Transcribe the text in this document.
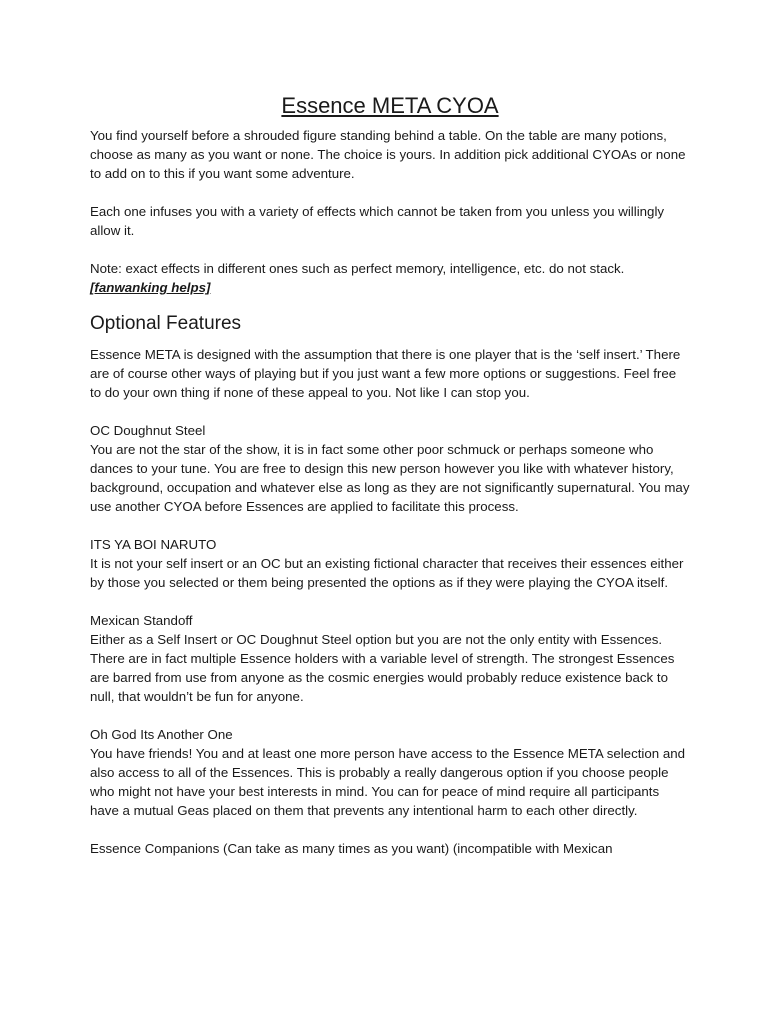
Essence META CYOA

You find yourself before a shrouded figure standing behind a table. On the table are many potions, choose as many as you want or none. The choice is yours. In addition pick additional CYOAs or none to add on to this if you want some adventure.

Each one infuses you with a variety of effects which cannot be taken from you unless you willingly allow it.

Note: exact effects in different ones such as perfect memory, intelligence, etc. do not stack.

[fanwanking helps]

Optional Features

Essence META is designed with the assumption that there is one player that is the ‘self insert.’ There are of course other ways of playing but if you just want a few more options or suggestions. Feel free to do your own thing if none of these appeal to you. Not like I can stop you.

OC Doughnut Steel

You are not the star of the show, it is in fact some other poor schmuck or perhaps someone who dances to your tune. You are free to design this new person however you like with whatever history, background, occupation and whatever else as long as they are not significantly supernatural. You may use another CYOA before Essences are applied to facilitate this process.

ITS YA BOI NARUTO

It is not your self insert or an OC but an existing fictional character that receives their essences either by those you selected or them being presented the options as if they were playing the CYOA itself.

Mexican Standoff

Either as a Self Insert or OC Doughnut Steel option but you are not the only entity with Essences. There are in fact multiple Essence holders with a variable level of strength. The strongest Essences are barred from use from anyone as the cosmic energies would probably reduce existence back to null, that wouldn’t be fun for anyone.

Oh God Its Another One

You have friends! You and at least one more person have access to the Essence META selection and also access to all of the Essences. This is probably a really dangerous option if you choose people who might not have your best interests in mind. You can for peace of mind require all participants have a mutual Geas placed on them that prevents any intentional harm to each other directly.

Essence Companions (Can take as many times as you want) (incompatible with Mexican
